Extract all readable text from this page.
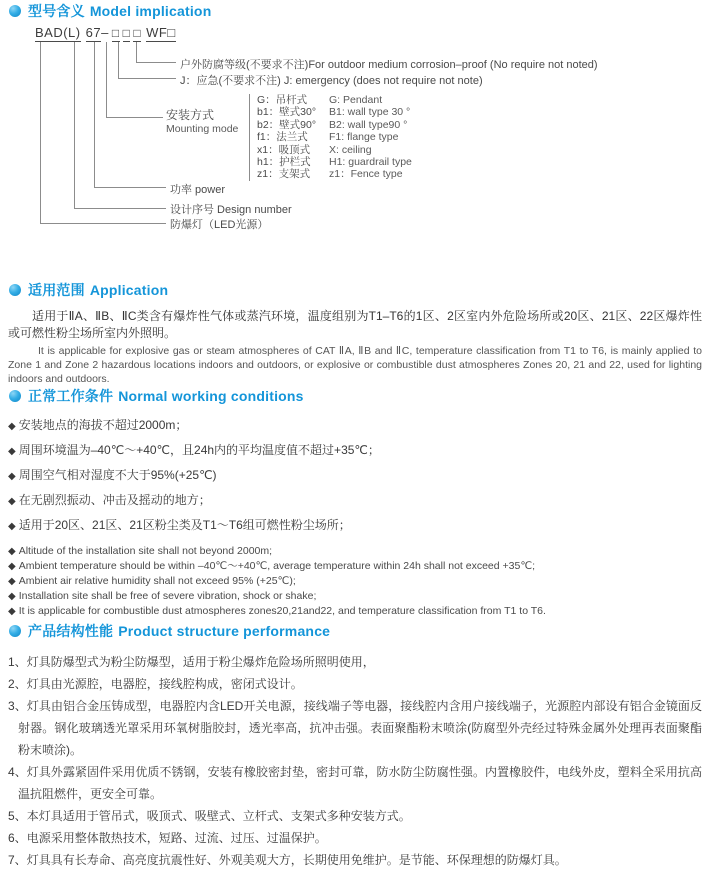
型号含义 Model implication
BAD(L) 67– □ □ □ WF□
户外防腐等级(不要求不注)For outdoor medium corrosion–proof (No require not noted)
J：应急(不要求不注) J: emergency (does not require not note)
安装方式
Mounting mode
G：吊杆式	G: Pendant
b1：壁式30°	B1: wall type 30 °
b2：壁式90°	B2: wall type90 °
f1：法兰式	F1: flange type
x1：吸顶式	X: ceiling
h1：护栏式	H1: guardrail type
z1：支架式	z1：Fence type
功率 power
设计序号 Design number
防爆灯（LED光源）
适用范围 Application

适用于ⅡA、ⅡB、ⅡC类含有爆炸性气体或蒸汽环境，温度组别为T1–T6的1区、2区室内外危险场所或20区、21区、22区爆炸性或可燃性粉尘场所室内外照明。

It is applicable for explosive gas or steam atmospheres of CAT ⅡA, ⅡB and ⅡC, temperature classification from T1 to T6, is mainly applied to Zone 1 and Zone 2 hazardous locations indoors and outdoors, or explosive or combustible dust atmospheres Zones 20, 21 and 22, used for lighting indoors and outdoors.

正常工作条件 Normal working conditions
◆ 安装地点的海拔不超过2000m；
◆ 周围环境温为–40℃～+40℃，且24h内的平均温度值不超过+35℃；
◆ 周围空气相对湿度不大于95%(+25℃)
◆ 在无剧烈振动、冲击及摇动的地方；
◆ 适用于20区、21区、21区粉尘类及T1～T6组可燃性粉尘场所；
◆ Altitude of the installation site shall not beyond 2000m;
◆ Ambient temperature should be within –40℃～+40℃, average temperature within 24h shall not exceed +35℃;
◆ Ambient air relative humidity shall not exceed 95% (+25℃);
◆ Installation site shall be free of severe vibration, shock or shake;
◆ It is applicable for combustible dust atmospheres zones20,21and22, and temperature classification from T1 to T6.
产品结构性能 Product structure performance
1、灯具防爆型式为粉尘防爆型，适用于粉尘爆炸危险场所照明使用，
2、灯具由光源腔，电器腔，接线腔构成，密闭式设计。
3、灯具由铝合金压铸成型，电器腔内含LED开关电源，接线端子等电器，接线腔内含用户接线端子，光源腔内部设有铝合金镜面反射器。钢化玻璃透光罩采用环氧树脂胶封，透光率高，抗冲击强。表面聚酯粉末喷涂(防腐型外壳经过特殊金属外处理再表面聚酯粉末喷涂)。
4、灯具外露紧固件采用优质不锈钢，安装有橡胶密封垫，密封可靠，防水防尘防腐性强。内置橡胶件，电线外皮，塑料全采用抗高温抗阻燃件，更安全可靠。
5、本灯具适用于管吊式，吸顶式、吸壁式、立杆式、支架式多种安装方式。
6、电源采用整体散热技术，短路、过流、过压、过温保护。
7、灯具具有长寿命、高亮度抗震性好、外观美观大方，长期使用免维护。是节能、环保理想的防爆灯具。
